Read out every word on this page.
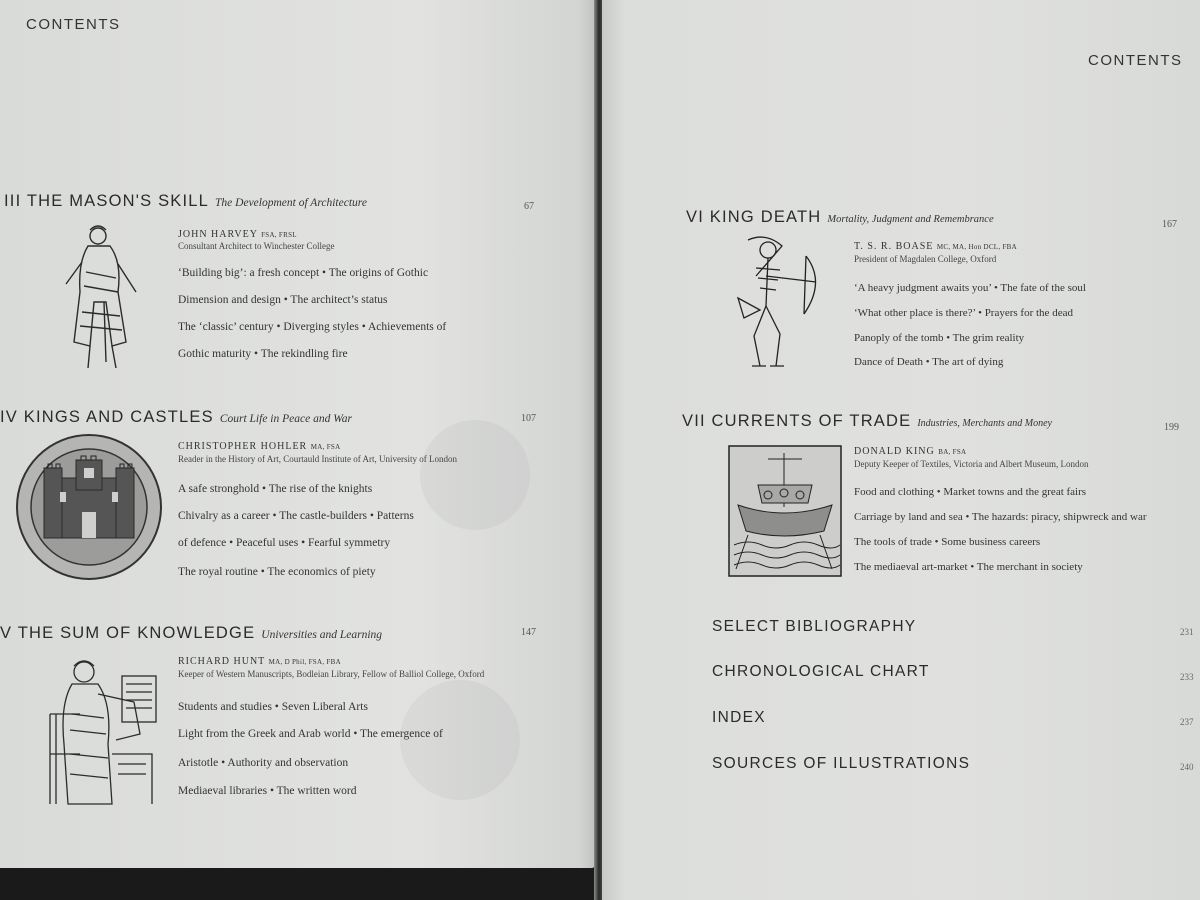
CONTENTS
III THE MASON'S SKILL The Development of Architecture	67
JOHN HARVEY FSA, FRSL
Consultant Architect to Winchester College
‘Building big’: a fresh concept • The origins of Gothic
Dimension and design • The architect’s status
The ‘classic’ century • Diverging styles • Achievements of
Gothic maturity • The rekindling fire
IV KINGS AND CASTLES Court Life in Peace and War	107
CHRISTOPHER HOHLER MA, FSA
Reader in the History of Art, Courtauld Institute of Art, University of London
A safe stronghold • The rise of the knights
Chivalry as a career • The castle-builders • Patterns
of defence • Peaceful uses • Fearful symmetry
The royal routine • The economics of piety
V THE SUM OF KNOWLEDGE Universities and Learning	147
RICHARD HUNT MA, D Phil, FSA, FBA
Keeper of Western Manuscripts, Bodleian Library, Fellow of Balliol College, Oxford
Students and studies • Seven Liberal Arts
Light from the Greek and Arab world • The emergence of
Aristotle • Authority and observation
Mediaeval libraries • The written word
CONTENTS
VI KING DEATH Mortality, Judgment and Remembrance	167
T. S. R. BOASE MC, MA, Hon DCL, FBA
President of Magdalen College, Oxford
‘A heavy judgment awaits you’ • The fate of the soul
‘What other place is there?’ • Prayers for the dead
Panoply of the tomb • The grim reality
Dance of Death • The art of dying
VII CURRENTS OF TRADE Industries, Merchants and Money	199
DONALD KING BA, FSA
Deputy Keeper of Textiles, Victoria and Albert Museum, London
Food and clothing • Market towns and the great fairs
Carriage by land and sea • The hazards: piracy, shipwreck and war
The tools of trade • Some business careers
The mediaeval art-market • The merchant in society
SELECT BIBLIOGRAPHY	231
CHRONOLOGICAL CHART	233
INDEX	237
SOURCES OF ILLUSTRATIONS	240
